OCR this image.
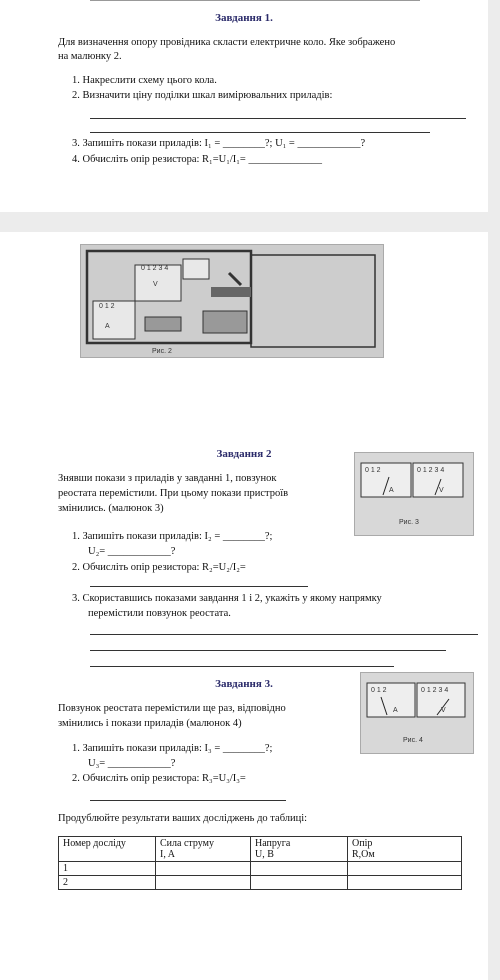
Завдання 1.
Для визначення опору провідника скласти електричне коло. Яке зображено
на малюнку 2.
1. Накреслити схему цього кола.
2. Визначити ціну поділки шкал вимірювальних приладів:
3. Запишіть покази приладів: I₁ = ________?; U₁ = ____________?
4. Обчисліть опір резистора: R₁=U₁/I₁= ______________
0 1 2 3 4
V
0 1 2
A
Рис. 2
Завдання 2
Знявши покази з приладів у завданні 1, повзунок
реостата перемістили. При цьому покази пристроїв
змінились. (малюнок 3)
0 1 2	0 1 2 3 4
A	V
Рис. 3
1. Запишіть покази приладів: I₂ = ________?;
U₂= ____________?
2. Обчисліть опір резистора: R₂=U₂/I₂=
3. Скориставшись показами завдання 1 і 2, укажіть у якому напрямку
перемістили повзунок реостата.
Завдання 3.
Повзунок реостата перемістили ще раз, відповідно
змінились і покази приладів (малюнок 4)
0 1 2	0 1 2 3 4
A	V
Рис. 4
1. Запишіть покази приладів: I₃ = ________?;
U₃= ____________?
2. Обчисліть опір резистора: R₃=U₃/I₃=
Продублюйте результати ваших досліджень до таблиці:
Номер досліду	Сила струму
I, A	Напруга
U, В	Опір
R,Ом
1			
2			
